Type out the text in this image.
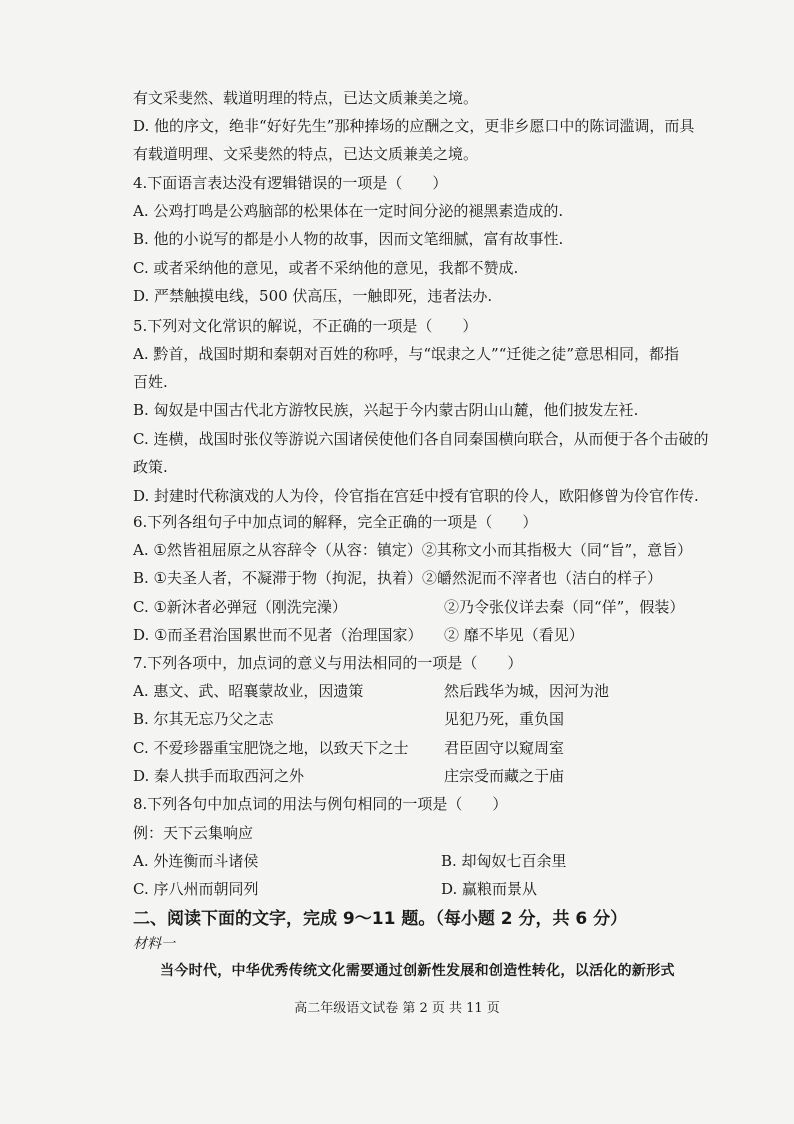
有文采斐然、载道明理的特点，已达文质兼美之境。
D. 他的序文，绝非“好好先生”那种捧场的应酬之文，更非乡愿口中的陈词滥调，而具
有载道明理、文采斐然的特点，已达文质兼美之境。
4.下面语言表达没有逻辑错误的一项是（　　）
A. 公鸡打鸣是公鸡脑部的松果体在一定时间分泌的褪黑素造成的.
B. 他的小说写的都是小人物的故事，因而文笔细腻，富有故事性.
C. 或者采纳他的意见，或者不采纳他的意见，我都不赞成.
D. 严禁触摸电线，500 伏高压，一触即死，违者法办.
5.下列对文化常识的解说，不正确的一项是（　　）
A. 黔首，战国时期和秦朝对百姓的称呼，与“氓隶之人”“迁徙之徒”意思相同，都指
百姓.
B. 匈奴是中国古代北方游牧民族，兴起于今内蒙古阴山山麓，他们披发左衽.
C. 连横，战国时张仪等游说六国诸侯使他们各自同秦国横向联合，从而便于各个击破的
政策.
D. 封建时代称演戏的人为伶，伶官指在宫廷中授有官职的伶人，欧阳修曾为伶官作传.
6.下列各组句子中加点词的解释，完全正确的一项是（　　）
A. ①然皆祖屈原之从容辞令（从容：镇定）②其称文小而其指极大（同“旨”，意旨）
B. ①夫圣人者，不凝滞于物（拘泥，执着）②皭然泥而不滓者也（洁白的样子）
C. ①新沐者必弹冠（刚洗完澡）	②乃令张仪详去秦（同“佯”，假装）
D. ①而圣君治国累世而不见者（治理国家） ② 靡不毕见（看见）
7.下列各项中，加点词的意义与用法相同的一项是（　　）
A. 惠文、武、昭襄蒙故业，因遗策	然后践华为城，因河为池
B. 尔其无忘乃父之志	见犯乃死，重负国
C. 不爱珍器重宝肥饶之地，以致天下之士 君臣固守以窥周室
D. 秦人拱手而取西河之外	庄宗受而藏之于庙
8.下列各句中加点词的用法与例句相同的一项是（　　）
例：天下云集响应
A. 外连衡而斗诸侯	B. 却匈奴七百余里
C. 序八州而朝同列	D. 赢粮而景从
二、阅读下面的文字，完成 9～11 题。（每小题 2 分，共 6 分）
材料一
当今时代，中华优秀传统文化需要通过创新性发展和创造性转化，以活化的新形式
高二年级语文试卷 第 2 页 共 11 页
